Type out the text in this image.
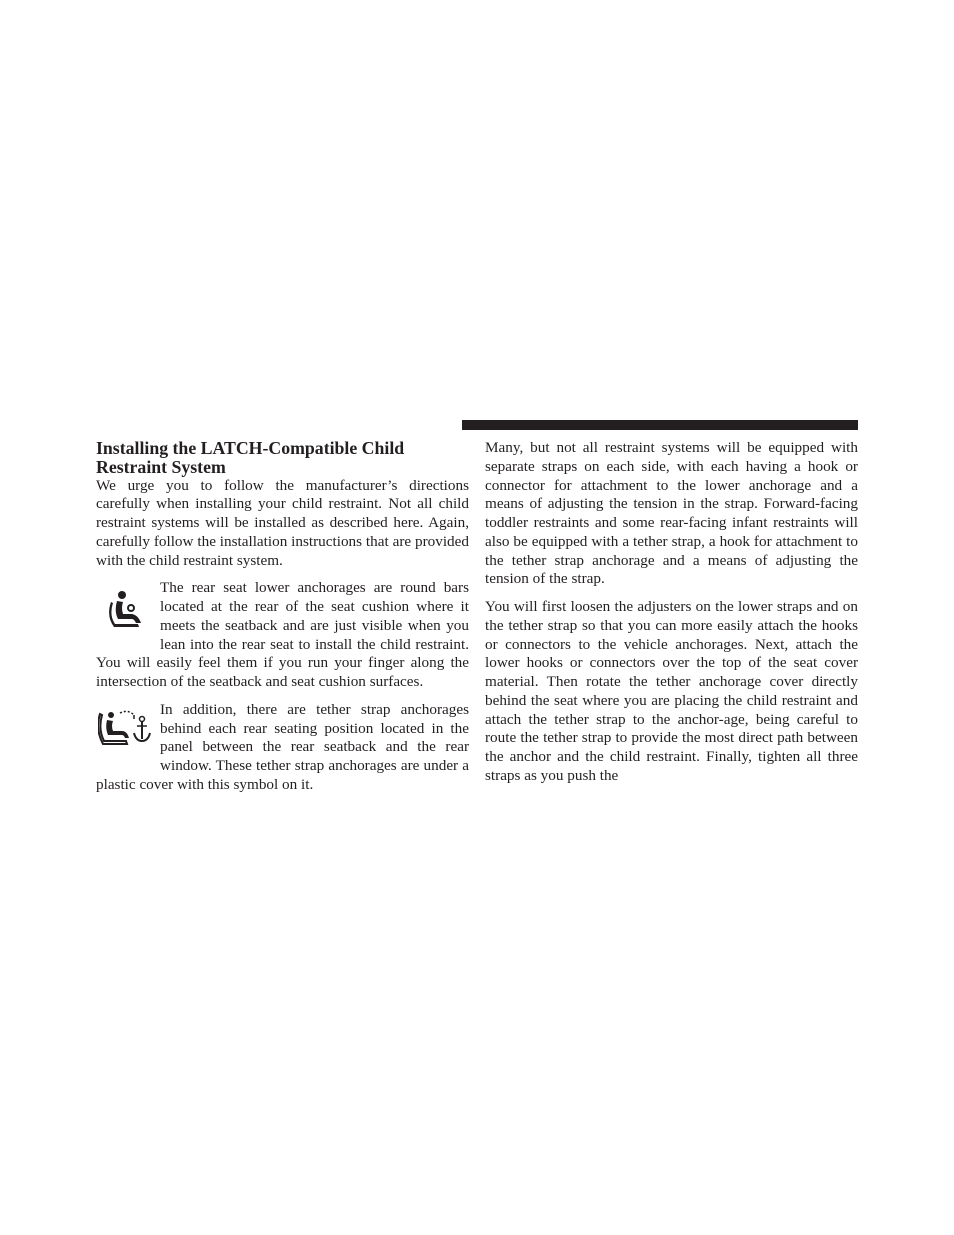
Installing the LATCH-Compatible Child Restraint System

We urge you to follow the manufacturer’s directions carefully when installing your child restraint. Not all child restraint systems will be installed as described here. Again, carefully follow the installation instructions that are provided with the child restraint system.

The rear seat lower anchorages are round bars located at the rear of the seat cushion where it meets the seatback and are just visible when you lean into the rear seat to install the child restraint. You will easily feel them if you run your finger along the intersection of the seatback and seat cushion surfaces.

In addition, there are tether strap anchorages behind each rear seating position located in the panel between the rear seatback and the rear window. These tether strap anchorages are under a plastic cover with this symbol on it.

Many, but not all restraint systems will be equipped with separate straps on each side, with each having a hook or connector for attachment to the lower anchorage and a means of adjusting the tension in the strap. Forward-facing toddler restraints and some rear-facing infant restraints will also be equipped with a tether strap, a hook for attachment to the tether strap anchorage and a means of adjusting the tension of the strap.

You will first loosen the adjusters on the lower straps and on the tether strap so that you can more easily attach the hooks or connectors to the vehicle anchorages. Next, attach the lower hooks or connectors over the top of the seat cover material. Then rotate the tether anchorage cover directly behind the seat where you are placing the child restraint and attach the tether strap to the anchor-age, being careful to route the tether strap to provide the most direct path between the anchor and the child restraint. Finally, tighten all three straps as you push the
